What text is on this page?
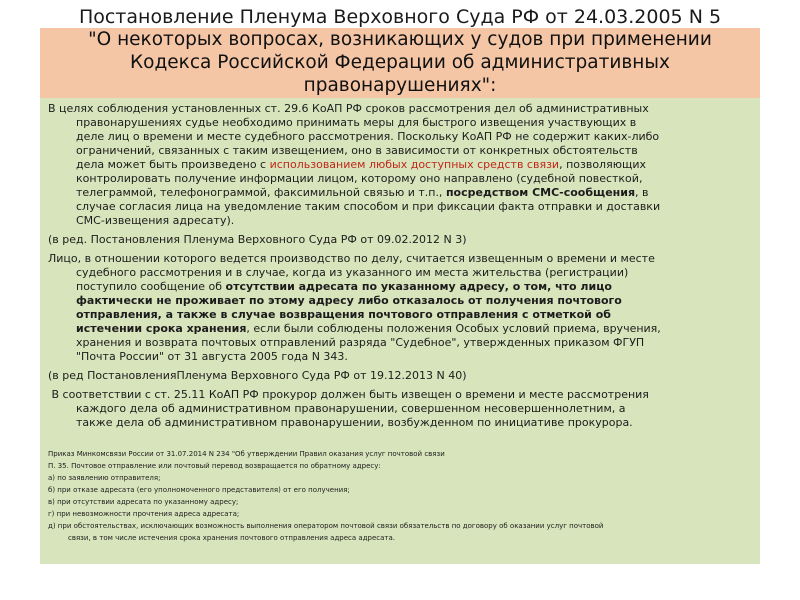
Постановление Пленума Верховного Суда РФ от 24.03.2005 N 5
"О некоторых вопросах, возникающих у судов при применении
Кодекса Российской Федерации об административных
правонарушениях":

В целях соблюдения установленных ст. 29.6 КоАП РФ сроков рассмотрения дел об административных

правонарушениях судье необходимо принимать меры для быстрого извещения участвующих в

деле лиц о времени и месте судебного рассмотрения. Поскольку КоАП РФ не содержит каких-либо

ограничений, связанных с таким извещением, оно в зависимости от конкретных обстоятельств

дела может быть произведено с использованием любых доступных средств связи, позволяющих

контролировать получение информации лицом, которому оно направлено (судебной повесткой,

телеграммой, телефонограммой, факсимильной связью и т.п., посредством СМС-сообщения, в

случае согласия лица на уведомление таким способом и при фиксации факта отправки и доставки

СМС-извещения адресату).

(в ред. Постановления Пленума Верховного Суда РФ от 09.02.2012 N 3)

Лицо, в отношении которого ведется производство по делу, считается извещенным о времени и месте

судебного рассмотрения и в случае, когда из указанного им места жительства (регистрации)

поступило сообщение об отсутствии адресата по указанному адресу, о том, что лицо

фактически не проживает по этому адресу либо отказалось от получения почтового

отправления, а также в случае возвращения почтового отправления с отметкой об

истечении срока хранения, если были соблюдены положения Особых условий приема, вручения,

хранения и возврата почтовых отправлений разряда "Судебное", утвержденных приказом ФГУП

"Почта России" от 31 августа 2005 года N 343.

(в ред ПостановленияПленума Верховного Суда РФ от 19.12.2013 N 40)

В соответствии с ст. 25.11 КоАП РФ прокурор должен быть извещен о времени и месте рассмотрения

каждого дела об административном правонарушении, совершенном несовершеннолетним, а

также дела об административном правонарушении, возбужденном по инициативе прокурора.

Приказ Минкомсвязи России от 31.07.2014 N 234 "Об утверждении Правил оказания услуг почтовой связи

П. 35. Почтовое отправление или почтовый перевод возвращается по обратному адресу:

а) по заявлению отправителя;

б) при отказе адресата (его уполномоченного представителя) от его получения;

в) при отсутствии адресата по указанному адресу;

г) при невозможности прочтения адреса адресата;

д) при обстоятельствах, исключающих возможность выполнения оператором почтовой связи обязательств по договору об оказании услуг почтовой

связи, в том числе истечения срока хранения почтового отправления адреса адресата.
